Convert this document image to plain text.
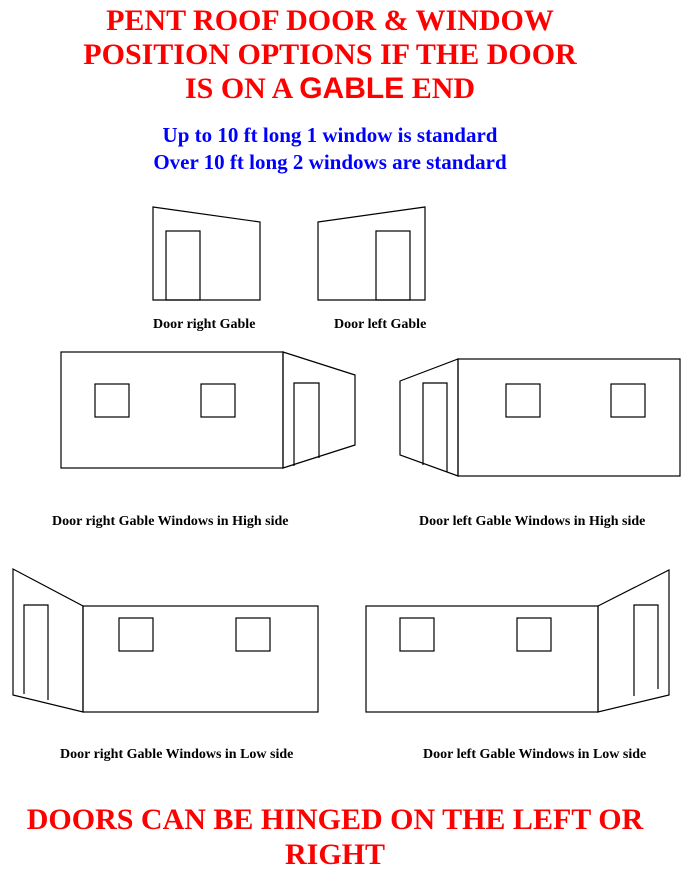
PENT ROOF DOOR & WINDOW
POSITION OPTIONS IF THE DOOR
IS ON A GABLE END
Up to 10 ft long 1 window is standard
Over 10 ft long 2 windows are standard
Door right Gable	Door left Gable
Door right Gable Windows in High side	Door left Gable Windows in High side
Door right Gable Windows in Low side	Door left Gable Windows in Low side
DOORS CAN BE HINGED ON THE LEFT OR
RIGHT
